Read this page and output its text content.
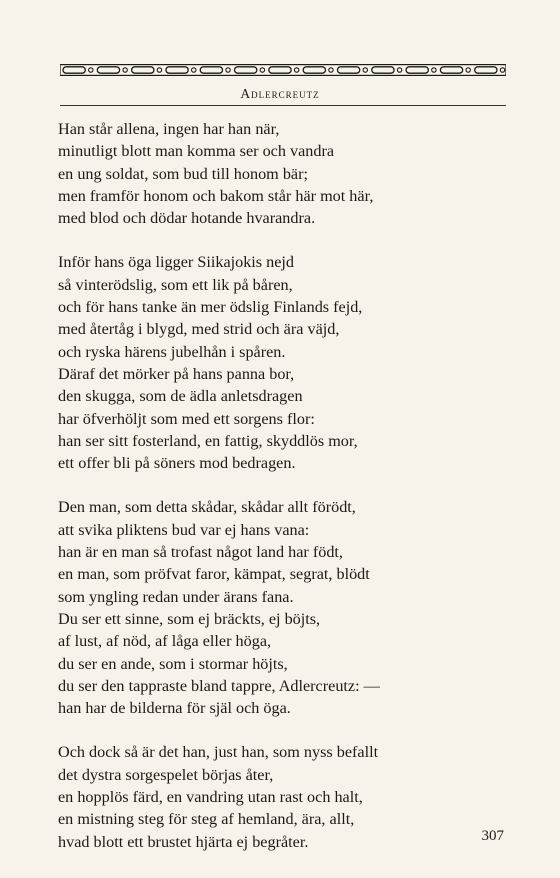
Adlercreutz
Han står allena, ingen har han när,
minutligt blott man komma ser och vandra
en ung soldat, som bud till honom bär;
men framför honom och bakom står här mot här,
med blod och dödar hotande hvarandra.
Inför hans öga ligger Siikajokis nejd
så vinterödslig, som ett lik på båren,
och för hans tanke än mer ödslig Finlands fejd,
med återtåg i blygd, med strid och ära väjd,
och ryska härens jubelhån i spåren.
Däraf det mörker på hans panna bor,
den skugga, som de ädla anletsdragen
har öfverhöljt som med ett sorgens flor:
han ser sitt fosterland, en fattig, skyddlös mor,
ett offer bli på söners mod bedragen.
Den man, som detta skådar, skådar allt förödt,
att svika pliktens bud var ej hans vana:
han är en man så trofast något land har födt,
en man, som pröfvat faror, kämpat, segrat, blödt
som yngling redan under ärans fana.
Du ser ett sinne, som ej bräckts, ej böjts,
af lust, af nöd, af låga eller höga,
du ser en ande, som i stormar höjts,
du ser den tappraste bland tappre, Adlercreutz: —
han har de bilderna för själ och öga.
Och dock så är det han, just han, som nyss befallt
det dystra sorgespelet börjas åter,
en hopplös färd, en vandring utan rast och halt,
en mistning steg för steg af hemland, ära, allt,
hvad blott ett brustet hjärta ej begråter.	307
